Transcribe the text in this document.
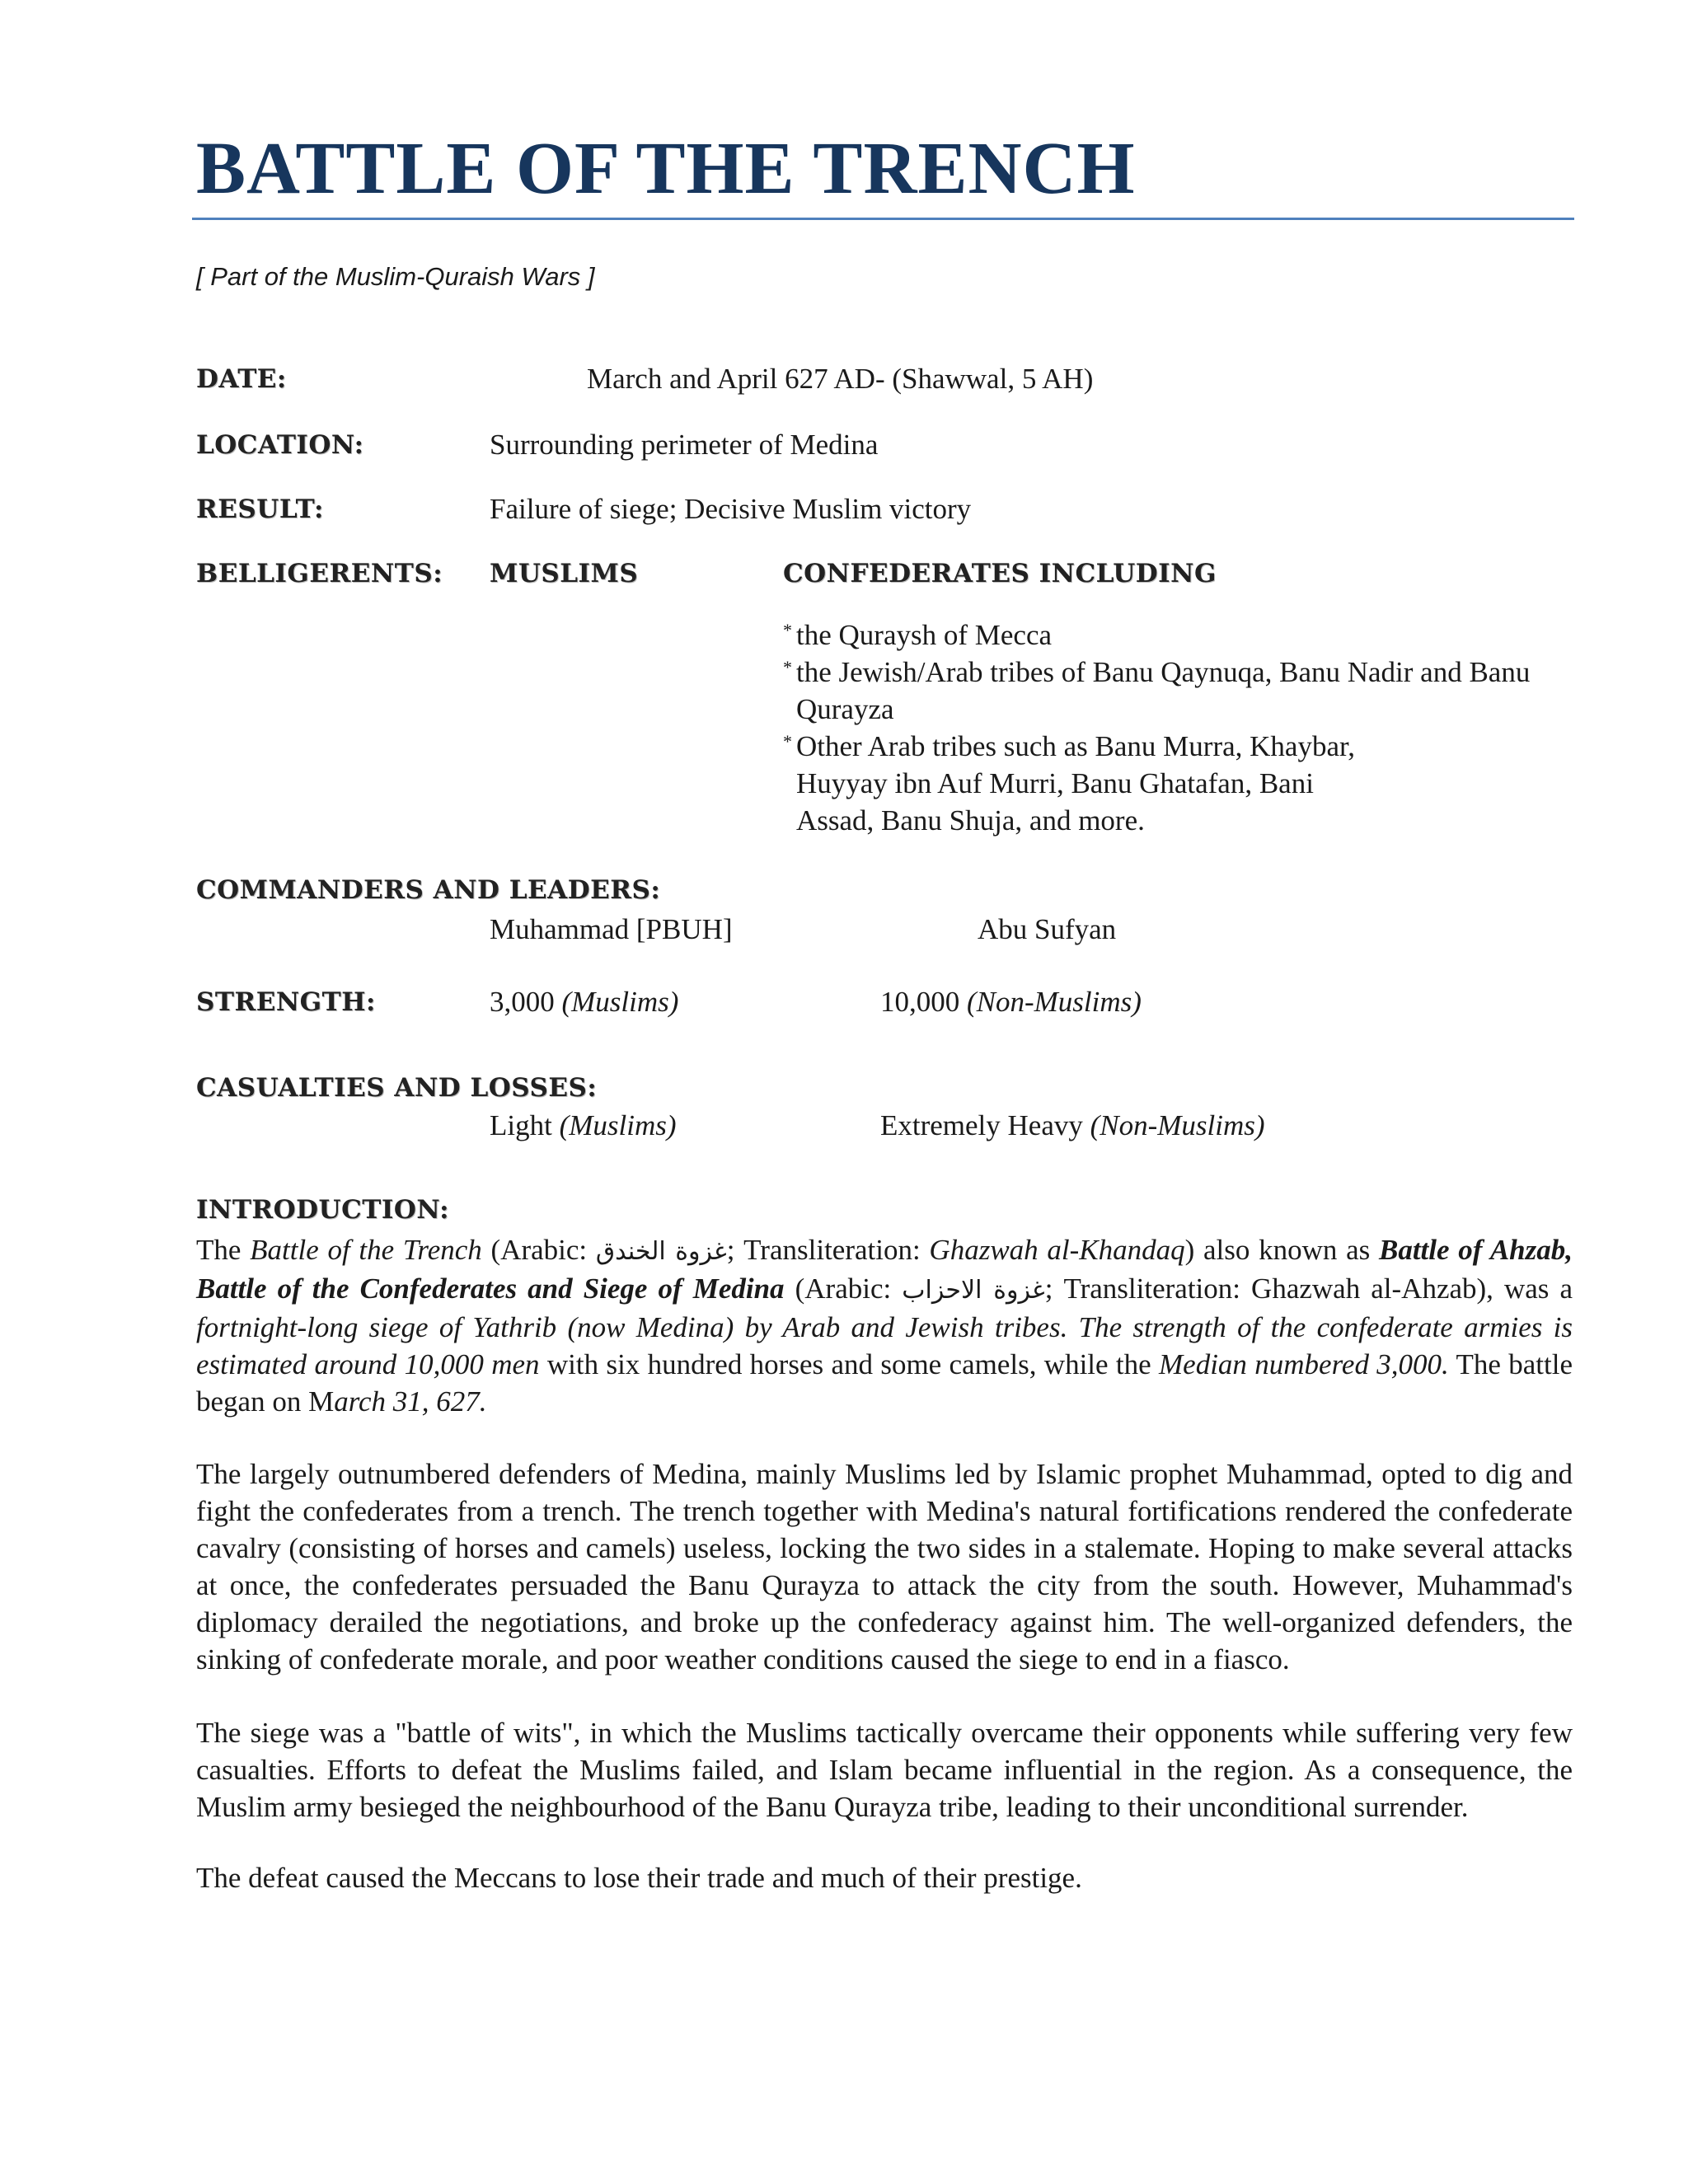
BATTLE OF THE TRENCH
[ Part of the Muslim-Quraish Wars ]
DATE:	March and April 627 AD- (Shawwal, 5 AH)
LOCATION:	Surrounding perimeter of Medina
RESULT:	Failure of siege; Decisive Muslim victory
BELLIGERENTS: MUSLIMS	CONFEDERATES INCLUDING
* the Quraysh of Mecca
* the Jewish/Arab tribes of Banu Qaynuqa, Banu Nadir and Banu Qurayza
* Other Arab tribes such as Banu Murra, Khaybar, Huyyay ibn Auf Murri, Banu Ghatafan, Bani Assad, Banu Shuja, and more.
COMMANDERS AND LEADERS:
Muhammad [PBUH]	Abu Sufyan
STRENGTH:	3,000 (Muslims)	10,000 (Non-Muslims)
CASUALTIES AND LOSSES:
Light (Muslims)	Extremely Heavy (Non-Muslims)
INTRODUCTION:

The Battle of the Trench (Arabic: غزوة الخندق; Transliteration: Ghazwah al-Khandaq) also known as Battle of Ahzab, Battle of the Confederates and Siege of Medina (Arabic: غزوة الاحزاب; Transliteration: Ghazwah al-Ahzab), was a fortnight-long siege of Yathrib (now Medina) by Arab and Jewish tribes. The strength of the confederate armies is estimated around 10,000 men with six hundred horses and some camels, while the Median numbered 3,000. The battle began on March 31, 627.

The largely outnumbered defenders of Medina, mainly Muslims led by Islamic prophet Muhammad, opted to dig and fight the confederates from a trench. The trench together with Medina's natural fortifications rendered the confederate cavalry (consisting of horses and camels) useless, locking the two sides in a stalemate. Hoping to make several attacks at once, the confederates persuaded the Banu Qurayza to attack the city from the south. However, Muhammad's diplomacy derailed the negotiations, and broke up the confederacy against him. The well-organized defenders, the sinking of confederate morale, and poor weather conditions caused the siege to end in a fiasco.

The siege was a "battle of wits", in which the Muslims tactically overcame their opponents while suffering very few casualties. Efforts to defeat the Muslims failed, and Islam became influential in the region. As a consequence, the Muslim army besieged the neighbourhood of the Banu Qurayza tribe, leading to their unconditional surrender.

The defeat caused the Meccans to lose their trade and much of their prestige.
